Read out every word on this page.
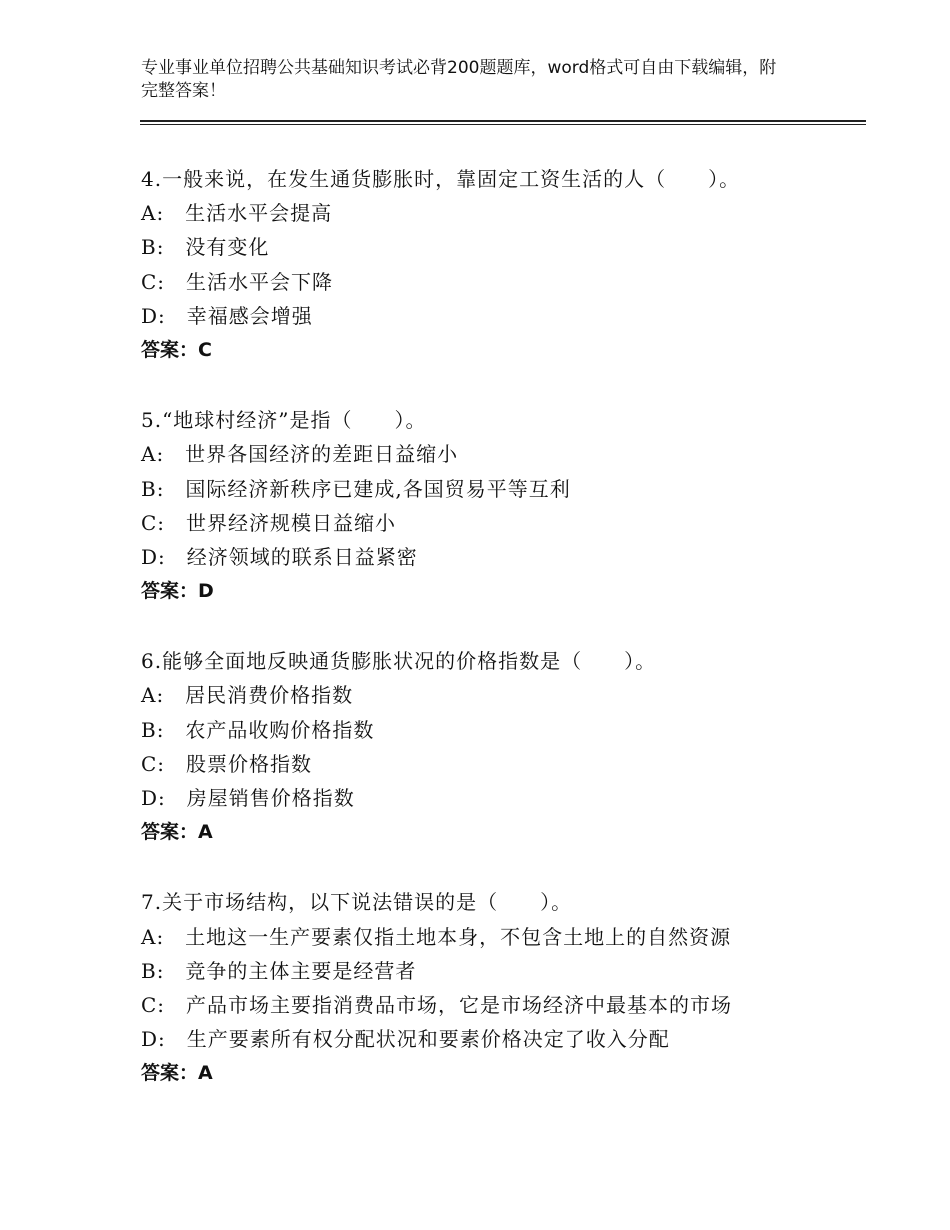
专业事业单位招聘公共基础知识考试必背200题题库，word格式可自由下载编辑，附完整答案！
4.一般来说，在发生通货膨胀时，靠固定工资生活的人（　　）。
A:　生活水平会提高
B:　没有变化
C:　生活水平会下降
D:　幸福感会增强
答案：C
5.“地球村经济”是指（　　）。
A:　世界各国经济的差距日益缩小
B:　国际经济新秩序已建成,各国贸易平等互利
C:　世界经济规模日益缩小
D:　经济领域的联系日益紧密
答案：D
6.能够全面地反映通货膨胀状况的价格指数是（　　）。
A:　居民消费价格指数
B:　农产品收购价格指数
C:　股票价格指数
D:　房屋销售价格指数
答案：A
7.关于市场结构，以下说法错误的是（　　）。
A:　土地这一生产要素仅指土地本身，不包含土地上的自然资源
B:　竞争的主体主要是经营者
C:　产品市场主要指消费品市场，它是市场经济中最基本的市场
D:　生产要素所有权分配状况和要素价格决定了收入分配
答案：A
